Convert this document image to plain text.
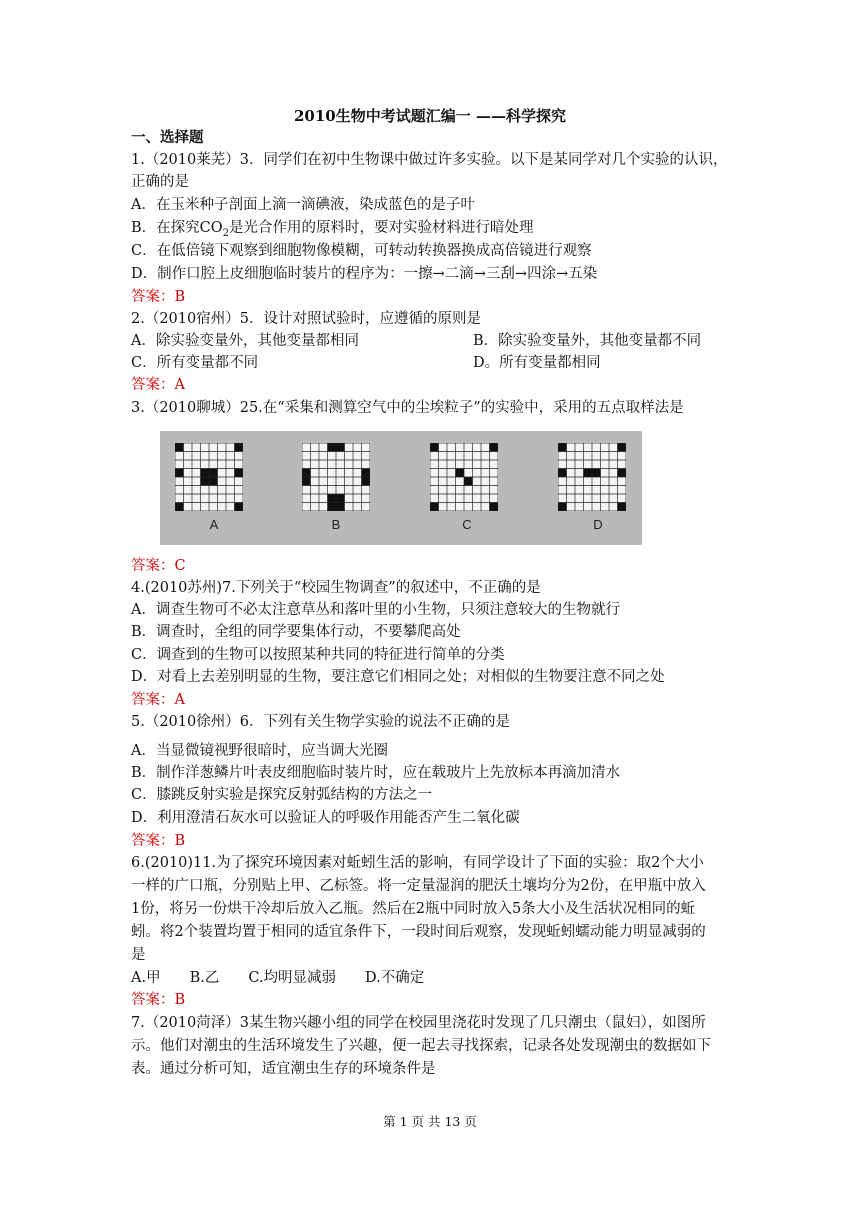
2010生物中考试题汇编一 ——科学探究
一、选择题
1.（2010莱芜）3．同学们在初中生物课中做过许多实验。以下是某同学对几个实验的认识，
正确的是
A．在玉米种子剖面上滴一滴碘液，染成蓝色的是子叶
B．在探究$CO_2$是光合作用的原料时，要对实验材料进行暗处理
C．在低倍镜下观察到细胞物像模糊，可转动转换器换成高倍镜进行观察
D．制作口腔上皮细胞临时装片的程序为：一擦→二滴→三刮→四涂→五染
答案：B
2.（2010宿州）5．设计对照试验时，应遵循的原则是
A．除实验变量外，其他变量都相同	B．除实验变量外，其他变量都不同
C．所有变量都不同	D。所有变量都相同
答案：A
3.（2010聊城）25.在“采集和测算空气中的尘埃粒子”的实验中，采用的五点取样法是
A	B	C	D
答案：C
4.(2010苏州)7.下列关于“校园生物调查”的叙述中，不正确的是
A．调查生物可不必太注意草丛和落叶里的小生物，只须注意较大的生物就行
B．调查时，全组的同学要集体行动，不要攀爬高处
C．调查到的生物可以按照某种共同的特征进行简单的分类
D．对看上去差别明显的生物，要注意它们相同之处；对相似的生物要注意不同之处
答案：A
5.（2010徐州）6．下列有关生物学实验的说法不正确的是
A．当显微镜视野很暗时，应当调大光圈
B．制作洋葱鳞片叶表皮细胞临时装片时，应在载玻片上先放标本再滴加清水
C．膝跳反射实验是探究反射弧结构的方法之一
D．利用澄清石灰水可以验证人的呼吸作用能否产生二氧化碳
答案：B
6.(2010)11.为了探究环境因素对蚯蚓生活的影响，有同学设计了下面的实验：取2个大小
一样的广口瓶，分别贴上甲、乙标签。将一定量湿润的肥沃土壤均分为2份，在甲瓶中放入
1份，将另一份烘干冷却后放入乙瓶。然后在2瓶中同时放入5条大小及生活状况相同的蚯
蚓。将2个装置均置于相同的适宜条件下，一段时间后观察，发现蚯蚓蠕动能力明显减弱的
是
A.甲　　B.乙　　C.均明显减弱　　D.不确定
答案：B
7.（2010菏泽）3某生物兴趣小组的同学在校园里浇花时发现了几只潮虫（鼠妇），如图所
示。他们对潮虫的生活环境发生了兴趣，便一起去寻找探索，记录各处发现潮虫的数据如下
表。通过分析可知，适宜潮虫生存的环境条件是
第 1 页 共 13 页
